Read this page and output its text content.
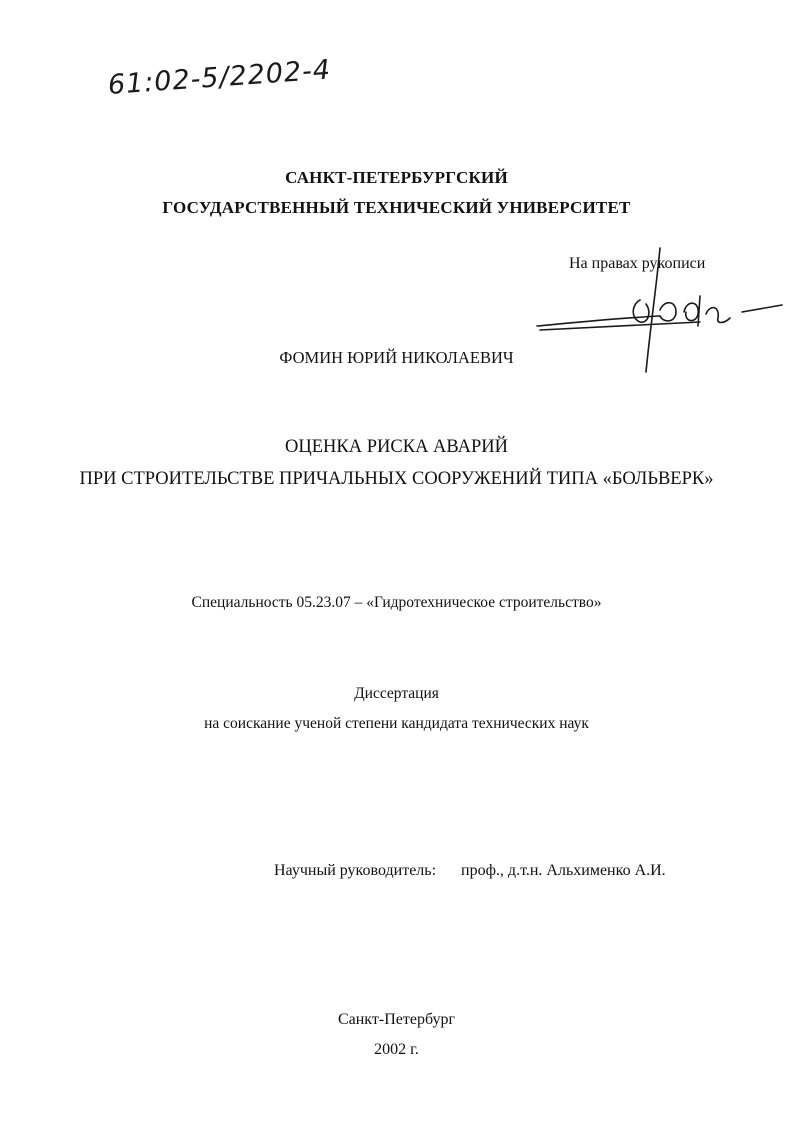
61:02-5/2202-4
САНКТ-ПЕТЕРБУРГСКИЙ
ГОСУДАРСТВЕННЫЙ ТЕХНИЧЕСКИЙ УНИВЕРСИТЕТ
На правах рукописи
ФОМИН ЮРИЙ НИКОЛАЕВИЧ
ОЦЕНКА РИСКА АВАРИЙ
ПРИ СТРОИТЕЛЬСТВЕ ПРИЧАЛЬНЫХ СООРУЖЕНИЙ ТИПА «БОЛЬВЕРК»
Специальность 05.23.07 – «Гидротехническое строительство»
Диссертация
на соискание ученой степени кандидата технических наук
Научный руководитель: проф., д.т.н. Альхименко А.И.
Санкт-Петербург
2002 г.
